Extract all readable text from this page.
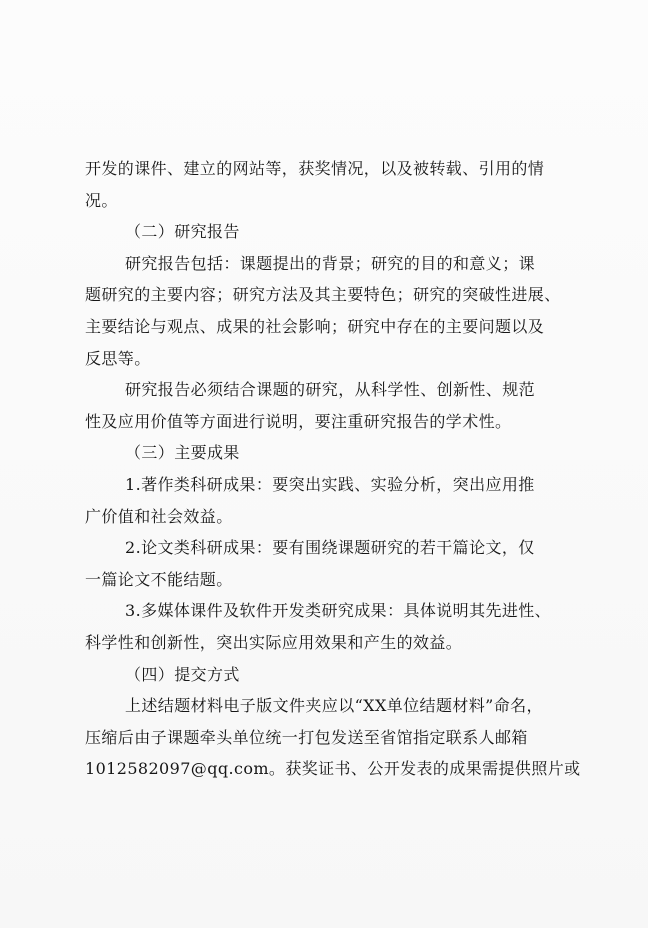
开发的课件、建立的网站等，获奖情况，以及被转载、引用的情
况。
（二）研究报告
研究报告包括：课题提出的背景；研究的目的和意义；课
题研究的主要内容；研究方法及其主要特色；研究的突破性进展、
主要结论与观点、成果的社会影响；研究中存在的主要问题以及
反思等。
研究报告必须结合课题的研究，从科学性、创新性、规范
性及应用价值等方面进行说明，要注重研究报告的学术性。
（三）主要成果
1.著作类科研成果：要突出实践、实验分析，突出应用推
广价值和社会效益。
2.论文类科研成果：要有围绕课题研究的若干篇论文，仅
一篇论文不能结题。
3.多媒体课件及软件开发类研究成果：具体说明其先进性、
科学性和创新性，突出实际应用效果和产生的效益。
（四）提交方式
上述结题材料电子版文件夹应以“XX单位结题材料”命名，
压缩后由子课题牵头单位统一打包发送至省馆指定联系人邮箱
1012582097@qq.com。获奖证书、公开发表的成果需提供照片或
